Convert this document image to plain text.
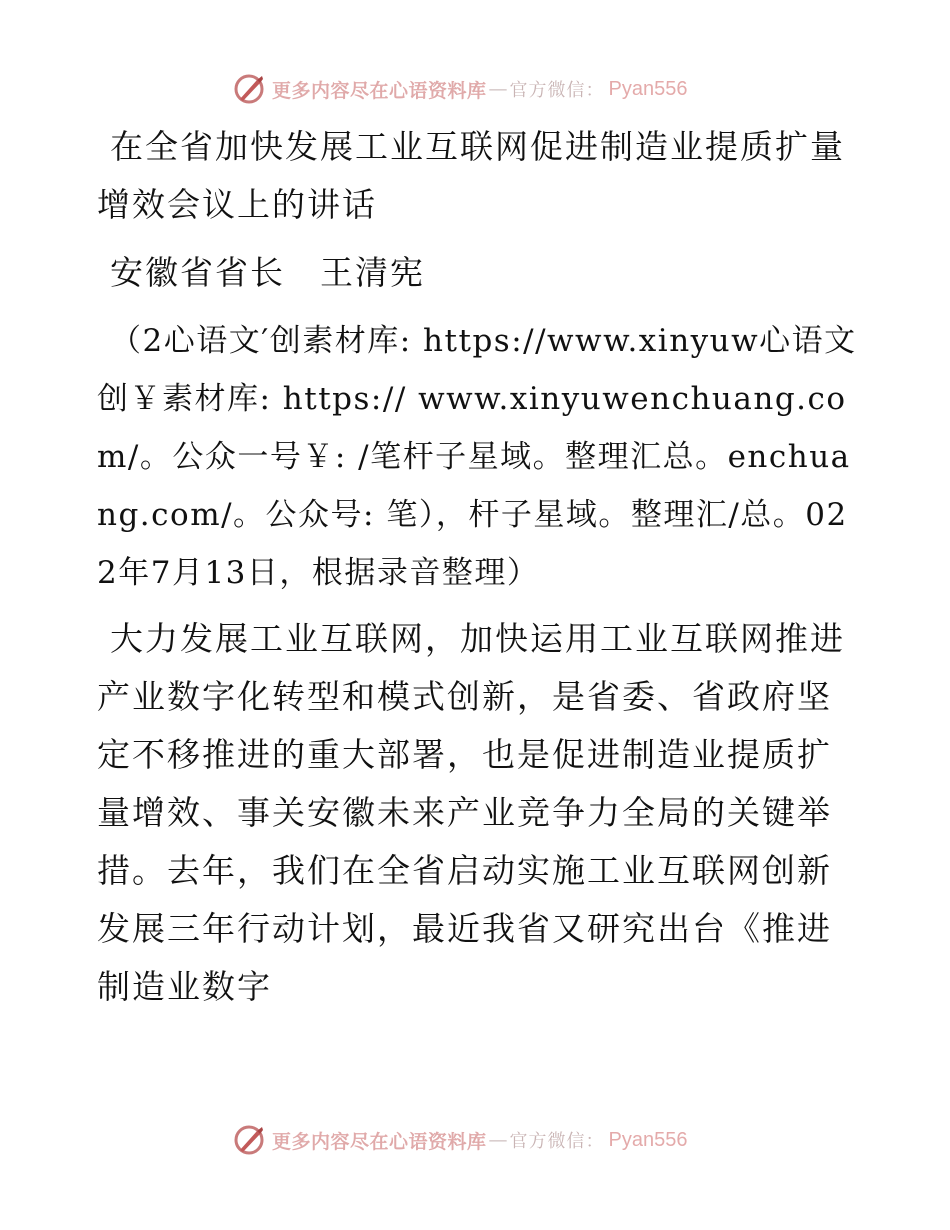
更多内容尽在心语资料库 — 官方微信： Pyan556

在全省加快发展工业互联网促进制造业提质扩量增效会议上的讲话

安徽省省长　王清宪

（2心语文′创素材库: https://www.xinyuw心语文创￥素材库: https:// www.xinyuwenchuang.com/。公众一号￥: /笔杆子星域。整理汇总。enchuang.com/。公众号: 笔），杆子星域。整理汇/总。022年7月13日，根据录音整理）

大力发展工业互联网，加快运用工业互联网推进产业数字化转型和模式创新，是省委、省政府坚定不移推进的重大部署，也是促进制造业提质扩量增效、事关安徽未来产业竞争力全局的关键举措。去年，我们在全省启动实施工业互联网创新发展三年行动计划，最近我省又研究出台《推进制造业数字

更多内容尽在心语资料库 — 官方微信： Pyan556
